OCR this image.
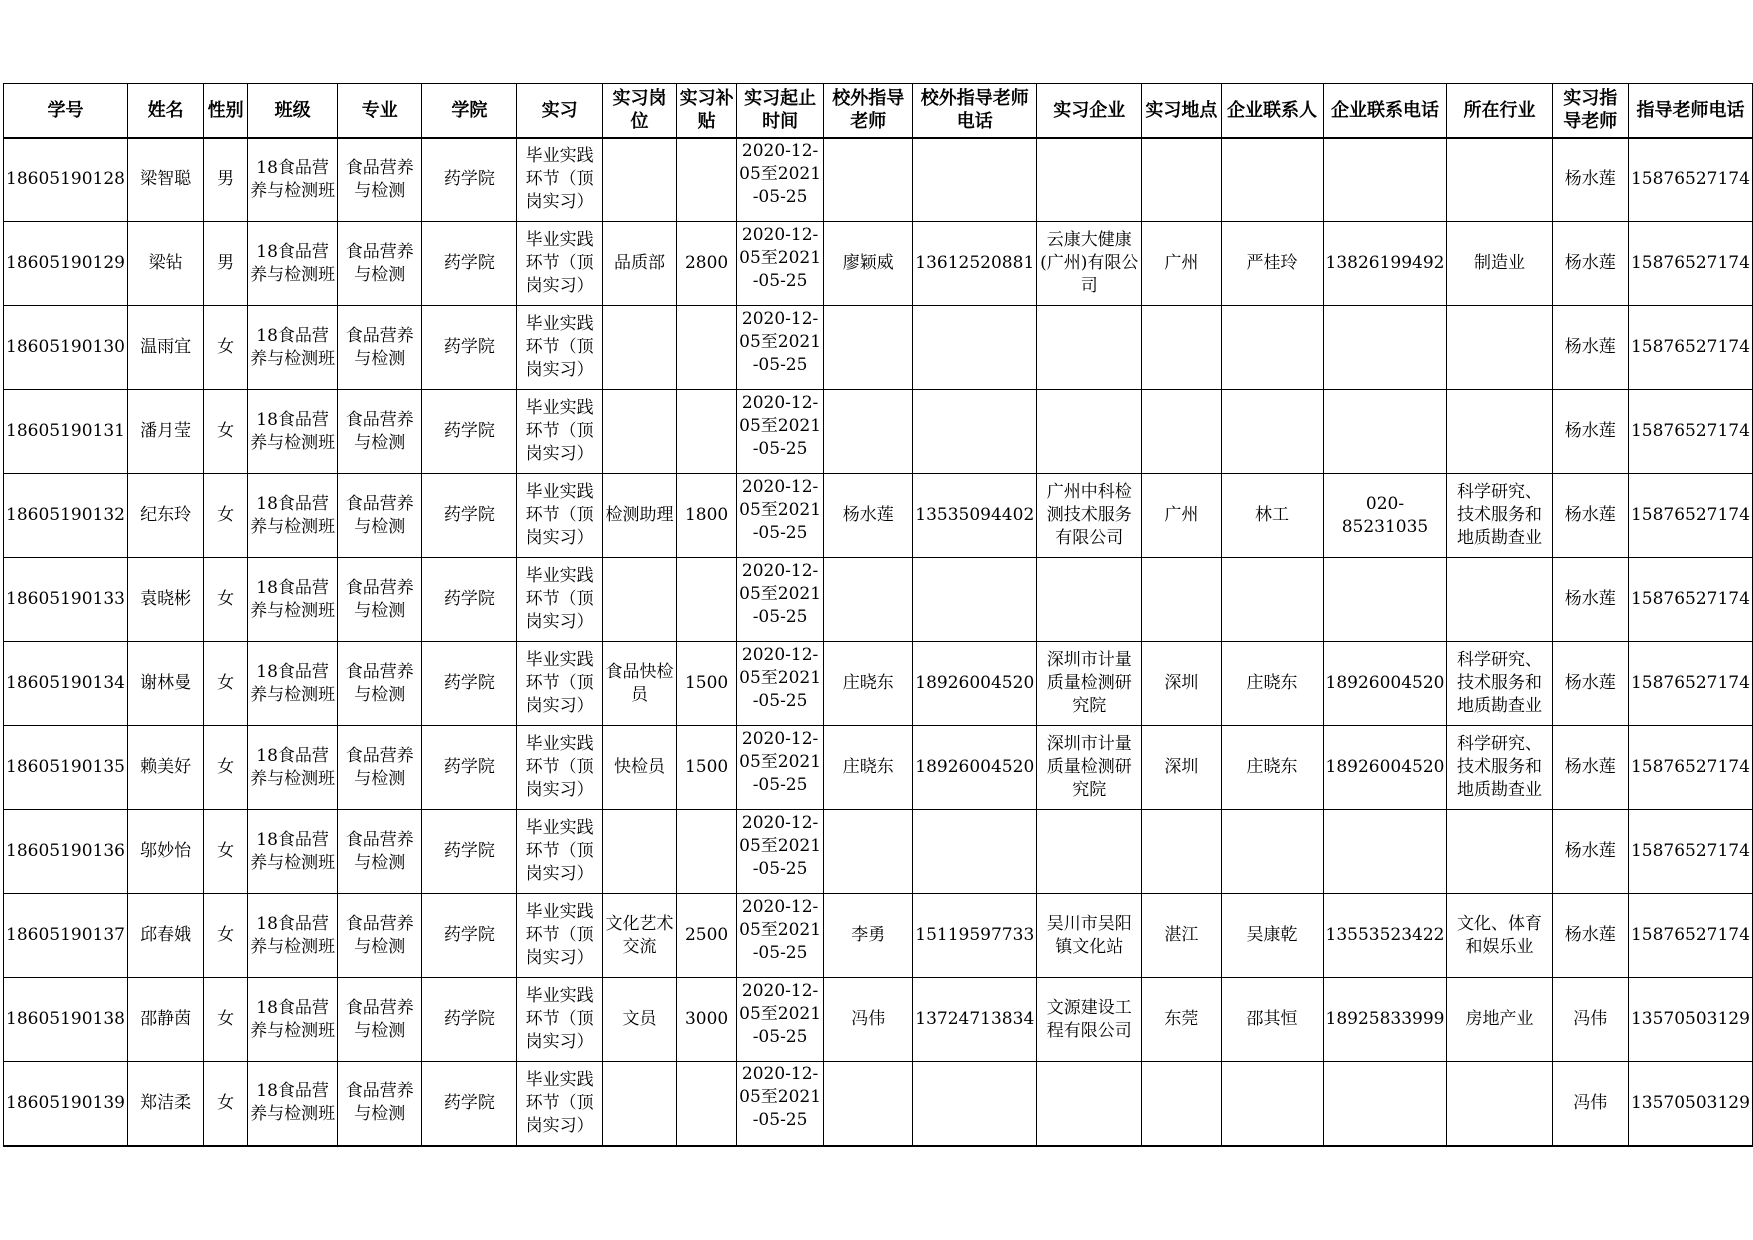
学号	姓名	性别	班级	专业	学院	实习	实习岗位	实习补贴	实习起止时间	校外指导老师	校外指导老师电话	实习企业	实习地点	企业联系人	企业联系电话	所在行业	实习指导老师	指导老师电话
18605190128	梁智聪	男	18食品营养与检测班	食品营养与检测	药学院	毕业实践环节（顶岗实习）			2020-12-05至2021-05-25								杨水莲	15876527174
18605190129	梁钻	男	18食品营养与检测班	食品营养与检测	药学院	毕业实践环节（顶岗实习）	品质部	2800	2020-12-05至2021-05-25	廖颖威	13612520881	云康大健康(广州)有限公司	广州	严桂玲	13826199492	制造业	杨水莲	15876527174
18605190130	温雨宜	女	18食品营养与检测班	食品营养与检测	药学院	毕业实践环节（顶岗实习）			2020-12-05至2021-05-25								杨水莲	15876527174
18605190131	潘月莹	女	18食品营养与检测班	食品营养与检测	药学院	毕业实践环节（顶岗实习）			2020-12-05至2021-05-25								杨水莲	15876527174
18605190132	纪东玲	女	18食品营养与检测班	食品营养与检测	药学院	毕业实践环节（顶岗实习）	检测助理	1800	2020-12-05至2021-05-25	杨水莲	13535094402	广州中科检测技术服务有限公司	广州	林工	020-85231035	科学研究、技术服务和地质勘查业	杨水莲	15876527174
18605190133	袁晓彬	女	18食品营养与检测班	食品营养与检测	药学院	毕业实践环节（顶岗实习）			2020-12-05至2021-05-25								杨水莲	15876527174
18605190134	谢林曼	女	18食品营养与检测班	食品营养与检测	药学院	毕业实践环节（顶岗实习）	食品快检员	1500	2020-12-05至2021-05-25	庄晓东	18926004520	深圳市计量质量检测研究院	深圳	庄晓东	18926004520	科学研究、技术服务和地质勘查业	杨水莲	15876527174
18605190135	赖美好	女	18食品营养与检测班	食品营养与检测	药学院	毕业实践环节（顶岗实习）	快检员	1500	2020-12-05至2021-05-25	庄晓东	18926004520	深圳市计量质量检测研究院	深圳	庄晓东	18926004520	科学研究、技术服务和地质勘查业	杨水莲	15876527174
18605190136	邬妙怡	女	18食品营养与检测班	食品营养与检测	药学院	毕业实践环节（顶岗实习）			2020-12-05至2021-05-25								杨水莲	15876527174
18605190137	邱春娥	女	18食品营养与检测班	食品营养与检测	药学院	毕业实践环节（顶岗实习）	文化艺术交流	2500	2020-12-05至2021-05-25	李勇	15119597733	吴川市吴阳镇文化站	湛江	吴康乾	13553523422	文化、体育和娱乐业	杨水莲	15876527174
18605190138	邵静茵	女	18食品营养与检测班	食品营养与检测	药学院	毕业实践环节（顶岗实习）	文员	3000	2020-12-05至2021-05-25	冯伟	13724713834	文源建设工程有限公司	东莞	邵其恒	18925833999	房地产业	冯伟	13570503129
18605190139	郑洁柔	女	18食品营养与检测班	食品营养与检测	药学院	毕业实践环节（顶岗实习）			2020-12-05至2021-05-25								冯伟	13570503129
